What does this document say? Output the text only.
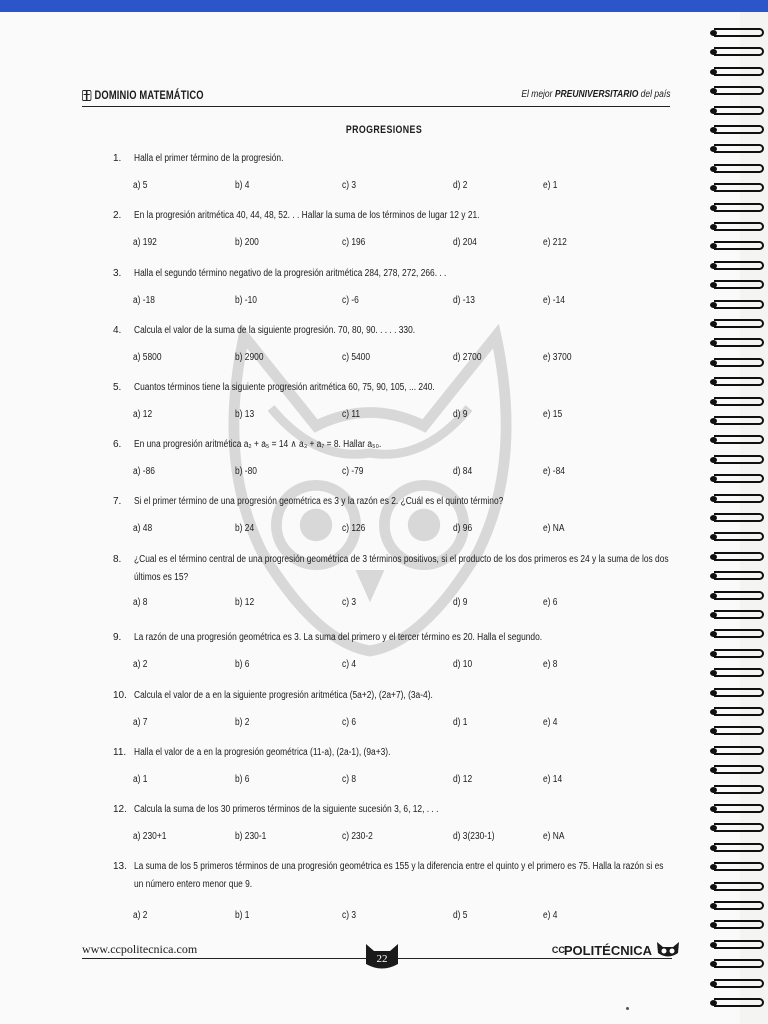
DOMINIO MATEMÁTICO	El mejor PREUNIVERSITARIO del país
PROGRESIONES
1.	Halla el primer término de la progresión.
a) 5	b) 4	c) 3	d) 2	e) 1
2.	En la progresión aritmética 40, 44, 48, 52. . . Hallar la suma de los términos de lugar 12 y 21.
a) 192	b) 200	c) 196	d) 204	e) 212
3.	Halla el segundo término negativo de la progresión aritmética 284, 278, 272, 266. . .
a) -18	b) -10	c) -6	d) -13	e) -14
4.	Calcula el valor de la suma de la siguiente progresión. 70, 80, 90. . . . . 330.
a) 5800	b) 2900	c) 5400	d) 2700	e) 3700
5.	Cuantos términos tiene la siguiente progresión aritmética 60, 75, 90, 105, ... 240.
a) 12	b) 13	c) 11	d) 9	e) 15
6.	En una progresión aritmética a₂ + a₅ = 14 ∧ a₃ + a₇ = 8. Hallar a₅₀.
a) -86	b) -80	c) -79	d) 84	e) -84
7.	Si el primer término de una progresión geométrica es 3 y la razón es 2. ¿Cuál es el quinto término?
a) 48	b) 24	c) 126	d) 96	e) NA
8.	¿Cual es el término central de una progresión geométrica de 3 términos positivos, si el producto de los dos primeros es 24 y la suma de los dos últimos es 15?
a) 8	b) 12	c) 3	d) 9	e) 6
9.	La razón de una progresión geométrica es 3. La suma del primero y el tercer término es 20. Halla el segundo.
a) 2	b) 6	c) 4	d) 10	e) 8
10. Calcula el valor de a en la siguiente progresión aritmética (5a+2), (2a+7), (3a-4).
a) 7	b) 2	c) 6	d) 1	e) 4
11. Halla el valor de a en la progresión geométrica (11-a), (2a-1), (9a+3).
a) 1	b) 6	c) 8	d) 12	e) 14
12. Calcula la suma de los 30 primeros términos de la siguiente sucesión 3, 6, 12, . . .
a) 230+1	b) 230-1	c) 230-2	d) 3(230-1)	e) NA
13. La suma de los 5 primeros términos de una progresión geométrica es 155 y la diferencia entre el quinto y el primero es 75. Halla la razón si es un número entero menor que 9.
a) 2	b) 1	c) 3	d) 5	e) 4
www.ccpolitecnica.com
22
CC POLITÉCNICA
